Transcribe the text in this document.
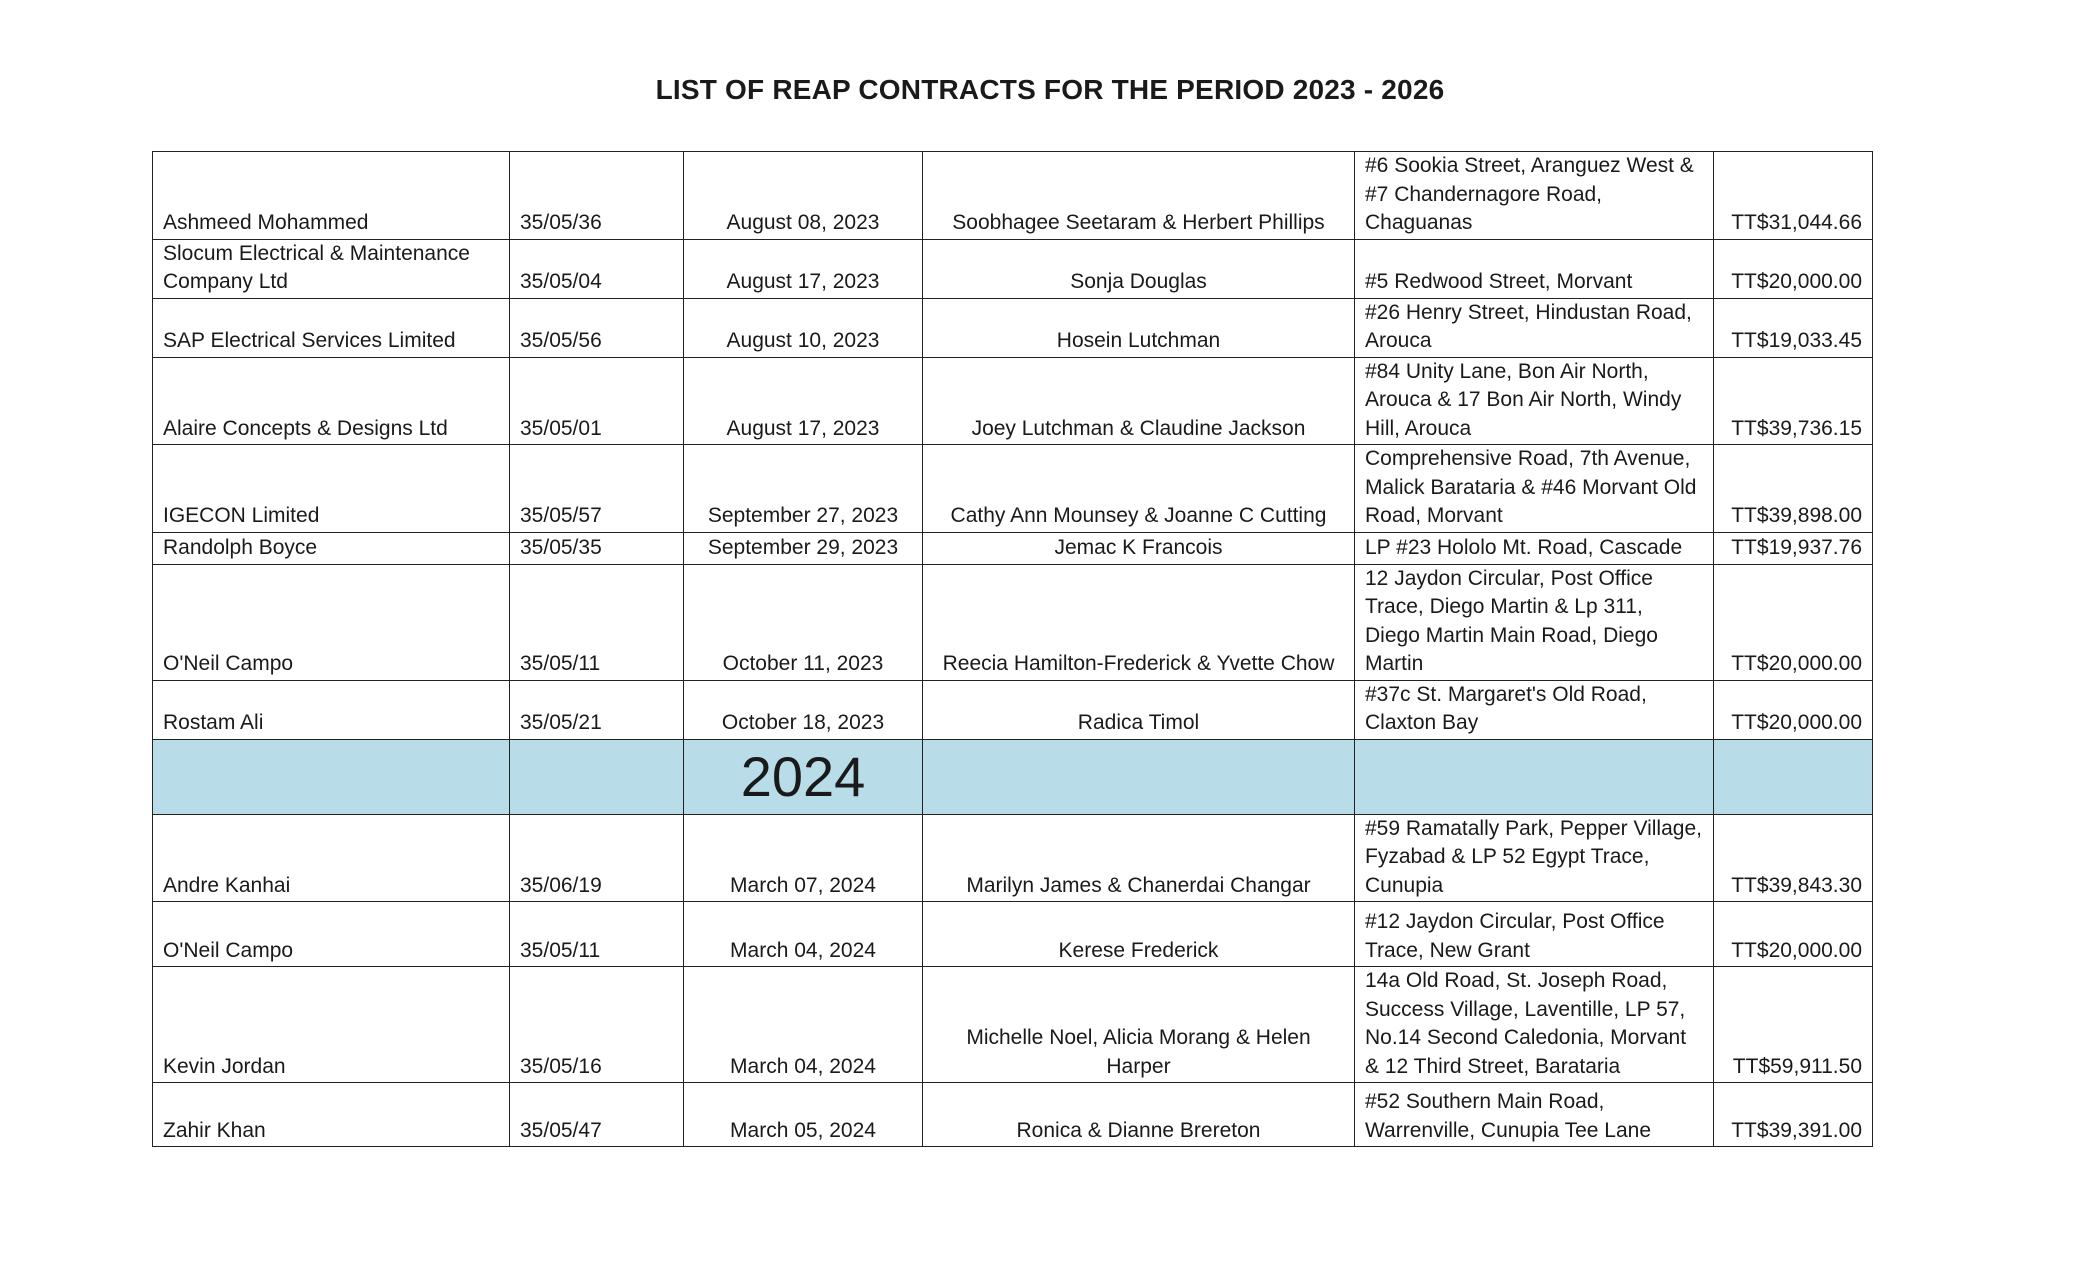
LIST OF REAP CONTRACTS FOR THE PERIOD 2023 - 2026
Ashmeed Mohammed	35/05/36	August 08, 2023	Soobhagee Seetaram & Herbert Phillips	#6 Sookia Street, Aranguez West & #7 Chandernagore Road, Chaguanas	TT$31,044.66
Slocum Electrical & Maintenance Company Ltd	35/05/04	August 17, 2023	Sonja Douglas	#5 Redwood Street, Morvant	TT$20,000.00
SAP Electrical Services Limited	35/05/56	August 10, 2023	Hosein Lutchman	#26 Henry Street, Hindustan Road, Arouca	TT$19,033.45
Alaire Concepts & Designs Ltd	35/05/01	August 17, 2023	Joey Lutchman & Claudine Jackson	#84 Unity Lane, Bon Air North, Arouca & 17 Bon Air North, Windy Hill, Arouca	TT$39,736.15
IGECON Limited	35/05/57	September 27, 2023	Cathy Ann Mounsey & Joanne C Cutting	Comprehensive Road, 7th Avenue, Malick Barataria & #46 Morvant Old Road, Morvant	TT$39,898.00
Randolph Boyce	35/05/35	September 29, 2023	Jemac K Francois	LP #23 Hololo Mt. Road, Cascade	TT$19,937.76
O'Neil Campo	35/05/11	October 11, 2023	Reecia Hamilton-Frederick & Yvette Chow	12 Jaydon Circular, Post Office Trace, Diego Martin & Lp 311, Diego Martin Main Road, Diego Martin	TT$20,000.00
Rostam Ali	35/05/21	October 18, 2023	Radica Timol	#37c St. Margaret's Old Road, Claxton Bay	TT$20,000.00
		2024			
Andre Kanhai	35/06/19	March 07, 2024	Marilyn James & Chanerdai Changar	#59 Ramatally Park, Pepper Village, Fyzabad & LP 52 Egypt Trace, Cunupia	TT$39,843.30
O'Neil Campo	35/05/11	March 04, 2024	Kerese Frederick	#12 Jaydon Circular, Post Office Trace, New Grant	TT$20,000.00
Kevin Jordan	35/05/16	March 04, 2024	Michelle Noel, Alicia Morang & Helen Harper	14a Old Road, St. Joseph Road, Success Village, Laventille, LP 57, No.14 Second Caledonia, Morvant & 12 Third Street, Barataria	TT$59,911.50
Zahir Khan	35/05/47	March 05, 2024	Ronica & Dianne Brereton	#52 Southern Main Road, Warrenville, Cunupia Tee Lane	TT$39,391.00
